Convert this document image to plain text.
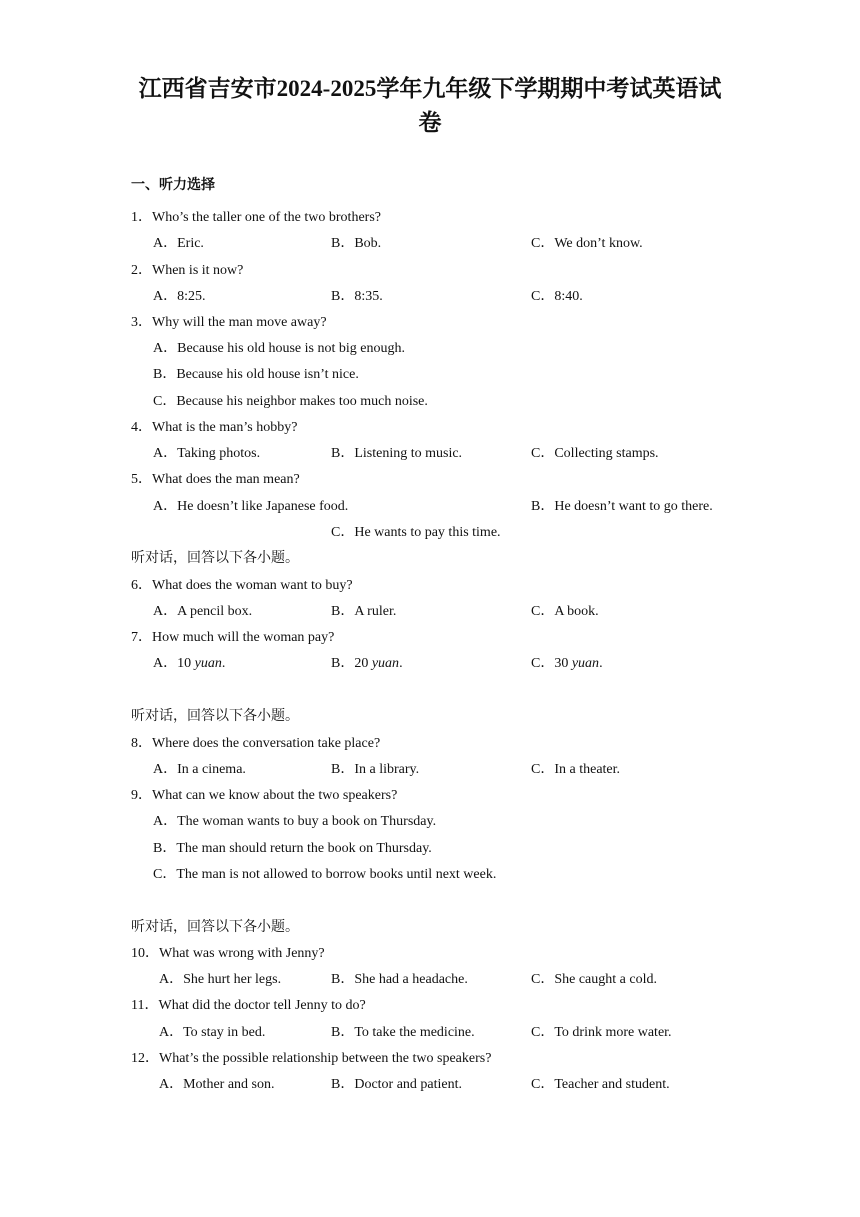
江西省吉安市2024-2025学年九年级下学期期中考试英语试
卷
一、听力选择
1．Who’s the taller one of the two brothers?
A．Eric.	B．Bob.	C．We don’t know.
2．When is it now?
A．8:25.	B．8:35.	C．8:40.
3．Why will the man move away?
A．Because his old house is not big enough.
B．Because his old house isn’t nice.
C．Because his neighbor makes too much noise.
4．What is the man’s hobby?
A．Taking photos.	B．Listening to music.	C．Collecting stamps.
5．What does the man mean?
A．He doesn’t like Japanese food.	B．He doesn’t want to go there.
C．He wants to pay this time.
听对话，回答以下各小题。
6．What does the woman want to buy?
A．A pencil box.	B．A ruler.	C．A book.
7．How much will the woman pay?
A．10 yuan.	B．20 yuan.	C．30 yuan.
听对话，回答以下各小题。
8．Where does the conversation take place?
A．In a cinema.	B．In a library.	C．In a theater.
9．What can we know about the two speakers?
A．The woman wants to buy a book on Thursday.
B．The man should return the book on Thursday.
C．The man is not allowed to borrow books until next week.
听对话，回答以下各小题。
10．What was wrong with Jenny?
A．She hurt her legs.	B．She had a headache.	C．She caught a cold.
11．What did the doctor tell Jenny to do?
A．To stay in bed.	B．To take the medicine.	C．To drink more water.
12．What’s the possible relationship between the two speakers?
A．Mother and son.	B．Doctor and patient.	C．Teacher and student.
